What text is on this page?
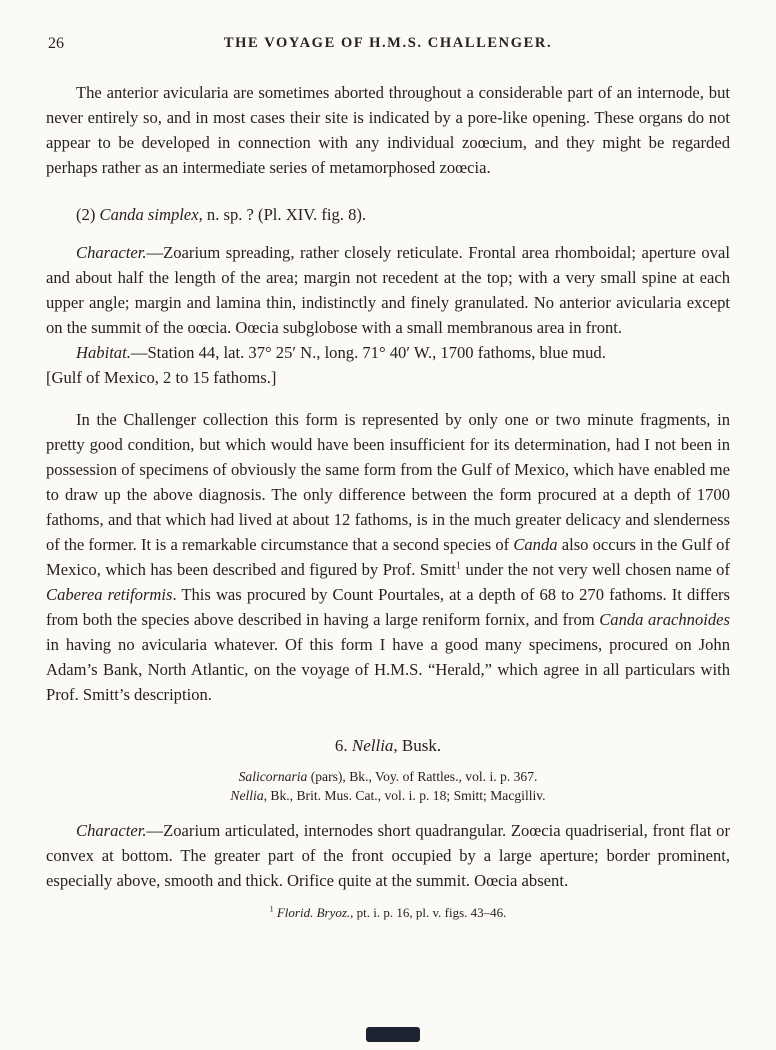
26	THE VOYAGE OF H.M.S. CHALLENGER.

The anterior avicularia are sometimes aborted throughout a considerable part of an internode, but never entirely so, and in most cases their site is indicated by a pore-like opening. These organs do not appear to be developed in connection with any individual zoœcium, and they might be regarded perhaps rather as an intermediate series of metamorphosed zoœcia.

(2) Canda simplex, n. sp. ? (Pl. XIV. fig. 8).

Character.—Zoarium spreading, rather closely reticulate. Frontal area rhomboidal; aperture oval and about half the length of the area; margin not recedent at the top; with a very small spine at each upper angle; margin and lamina thin, indistinctly and finely granulated. No anterior avicularia except on the summit of the oœcia. Oœcia subglobose with a small membranous area in front.

Habitat.—Station 44, lat. 37° 25′ N., long. 71° 40′ W., 1700 fathoms, blue mud.

[Gulf of Mexico, 2 to 15 fathoms.]

In the Challenger collection this form is represented by only one or two minute fragments, in pretty good condition, but which would have been insufficient for its determination, had I not been in possession of specimens of obviously the same form from the Gulf of Mexico, which have enabled me to draw up the above diagnosis. The only difference between the form procured at a depth of 1700 fathoms, and that which had lived at about 12 fathoms, is in the much greater delicacy and slenderness of the former. It is a remarkable circumstance that a second species of Canda also occurs in the Gulf of Mexico, which has been described and figured by Prof. Smitt$^1$ under the not very well chosen name of Caberea retiformis. This was procured by Count Pourtales, at a depth of 68 to 270 fathoms. It differs from both the species above described in having a large reniform fornix, and from Canda arachnoides in having no avicularia whatever. Of this form I have a good many specimens, procured on John Adam’s Bank, North Atlantic, on the voyage of H.M.S. “Herald,” which agree in all particulars with Prof. Smitt’s description.

6. Nellia, Busk.

Salicornaria (pars), Bk., Voy. of Rattles., vol. i. p. 367.

Nellia, Bk., Brit. Mus. Cat., vol. i. p. 18; Smitt; Macgilliv.

Character.—Zoarium articulated, internodes short quadrangular. Zoœcia quadriserial, front flat or convex at bottom. The greater part of the front occupied by a large aperture; border prominent, especially above, smooth and thick. Orifice quite at the summit. Oœcia absent.

$^1$ Florid. Bryoz., pt. i. p. 16, pl. v. figs. 43–46.
